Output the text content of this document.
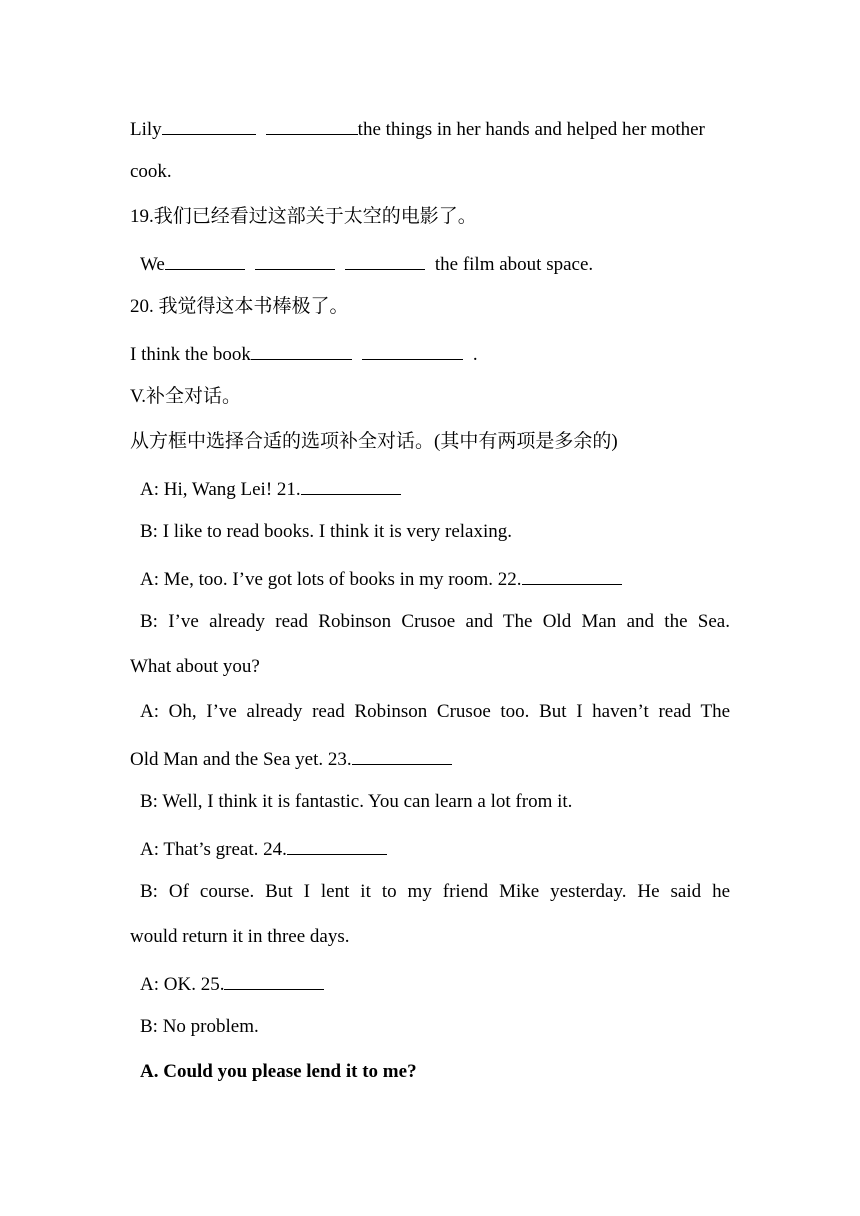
Lily	the things in her hands and helped her mother
cook.
19.我们已经看过这部关于太空的电影了。
We	the film about space.
20. 我觉得这本书棒极了。
I think the book	.
V.补全对话。
从方框中选择合适的选项补全对话。(其中有两项是多余的)
A: Hi, Wang Lei! 21.
B: I like to read books. I think it is very relaxing.
A: Me, too. I’ve got lots of books in my room. 22.
B: I’ve already read Robinson Crusoe and The Old Man and the Sea.
What about you?
A: Oh, I’ve already read Robinson Crusoe too. But I haven’t read The
Old Man and the Sea yet. 23.
B: Well, I think it is fantastic. You can learn a lot from it.
A: That’s great. 24.
B: Of course. But I lent it to my friend Mike yesterday. He said he
would return it in three days.
A: OK. 25.
B: No problem.
A. Could you please lend it to me?
